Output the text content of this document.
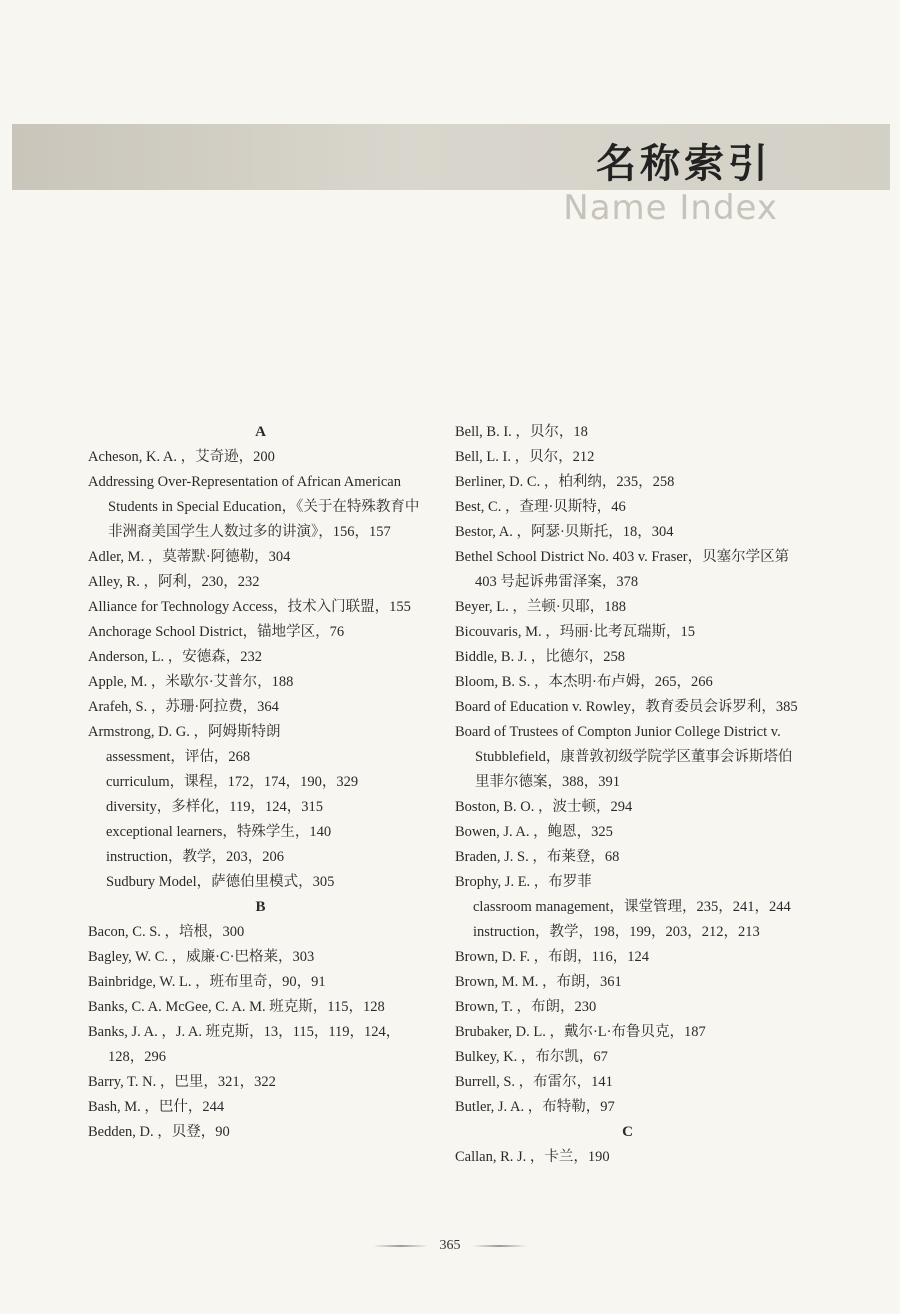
名称索引
Name Index
A
Acheson, K. A. ，艾奇逊，200
Addressing Over-Representation of African American Students in Special Education，《关于在特殊教育中非洲裔美国学生人数过多的讲演》，156，157
Adler, M. ，莫蒂默·阿德勒，304
Alley, R. ，阿利，230，232
Alliance for Technology Access，技术入门联盟，155
Anchorage School District，锚地学区，76
Anderson, L. ，安德森，232
Apple, M. ，米歇尔·艾普尔，188
Arafeh, S. ，苏珊·阿拉费，364
Armstrong, D. G. ，阿姆斯特朗
assessment，评估，268
curriculum，课程，172，174，190，329
diversity，多样化，119，124，315
exceptional learners，特殊学生，140
instruction，教学，203，206
Sudbury Model，萨德伯里模式，305
B
Bacon, C. S. ，培根，300
Bagley, W. C. ，威廉·C·巴格莱，303
Bainbridge, W. L. ，班布里奇，90，91
Banks, C. A. McGee, C. A. M. 班克斯，115，128
Banks, J. A. ，J. A. 班克斯，13，115，119，124，128，296
Barry, T. N. ，巴里，321，322
Bash, M. ，巴什，244
Bedden, D. ，贝登，90
Bell, B. I. ，贝尔，18
Bell, L. I. ，贝尔，212
Berliner, D. C. ，柏利纳，235，258
Best, C. ，查理·贝斯特，46
Bestor, A. ，阿瑟·贝斯托，18，304
Bethel School District No. 403 v. Fraser，贝塞尔学区第 403 号起诉弗雷泽案，378
Beyer, L. ，兰顿·贝耶，188
Bicouvaris, M. ，玛丽·比考瓦瑞斯，15
Biddle, B. J. ，比德尔，258
Bloom, B. S. ，本杰明·布卢姆，265，266
Board of Education v. Rowley，教育委员会诉罗利，385
Board of Trustees of Compton Junior College District v. Stubblefield，康普敦初级学院学区董事会诉斯塔伯里菲尔德案，388，391
Boston, B. O. ，波士顿，294
Bowen, J. A. ，鲍恩，325
Braden, J. S. ，布莱登，68
Brophy, J. E. ，布罗菲
classroom management，课堂管理，235，241，244
instruction，教学，198，199，203，212，213
Brown, D. F. ，布朗，116，124
Brown, M. M. ，布朗，361
Brown, T. ，布朗，230
Brubaker, D. L. ，戴尔·L·布鲁贝克，187
Bulkey, K. ，布尔凯，67
Burrell, S. ，布雷尔，141
Butler, J. A. ，布特勒，97
C
Callan, R. J. ，卡兰，190
365
